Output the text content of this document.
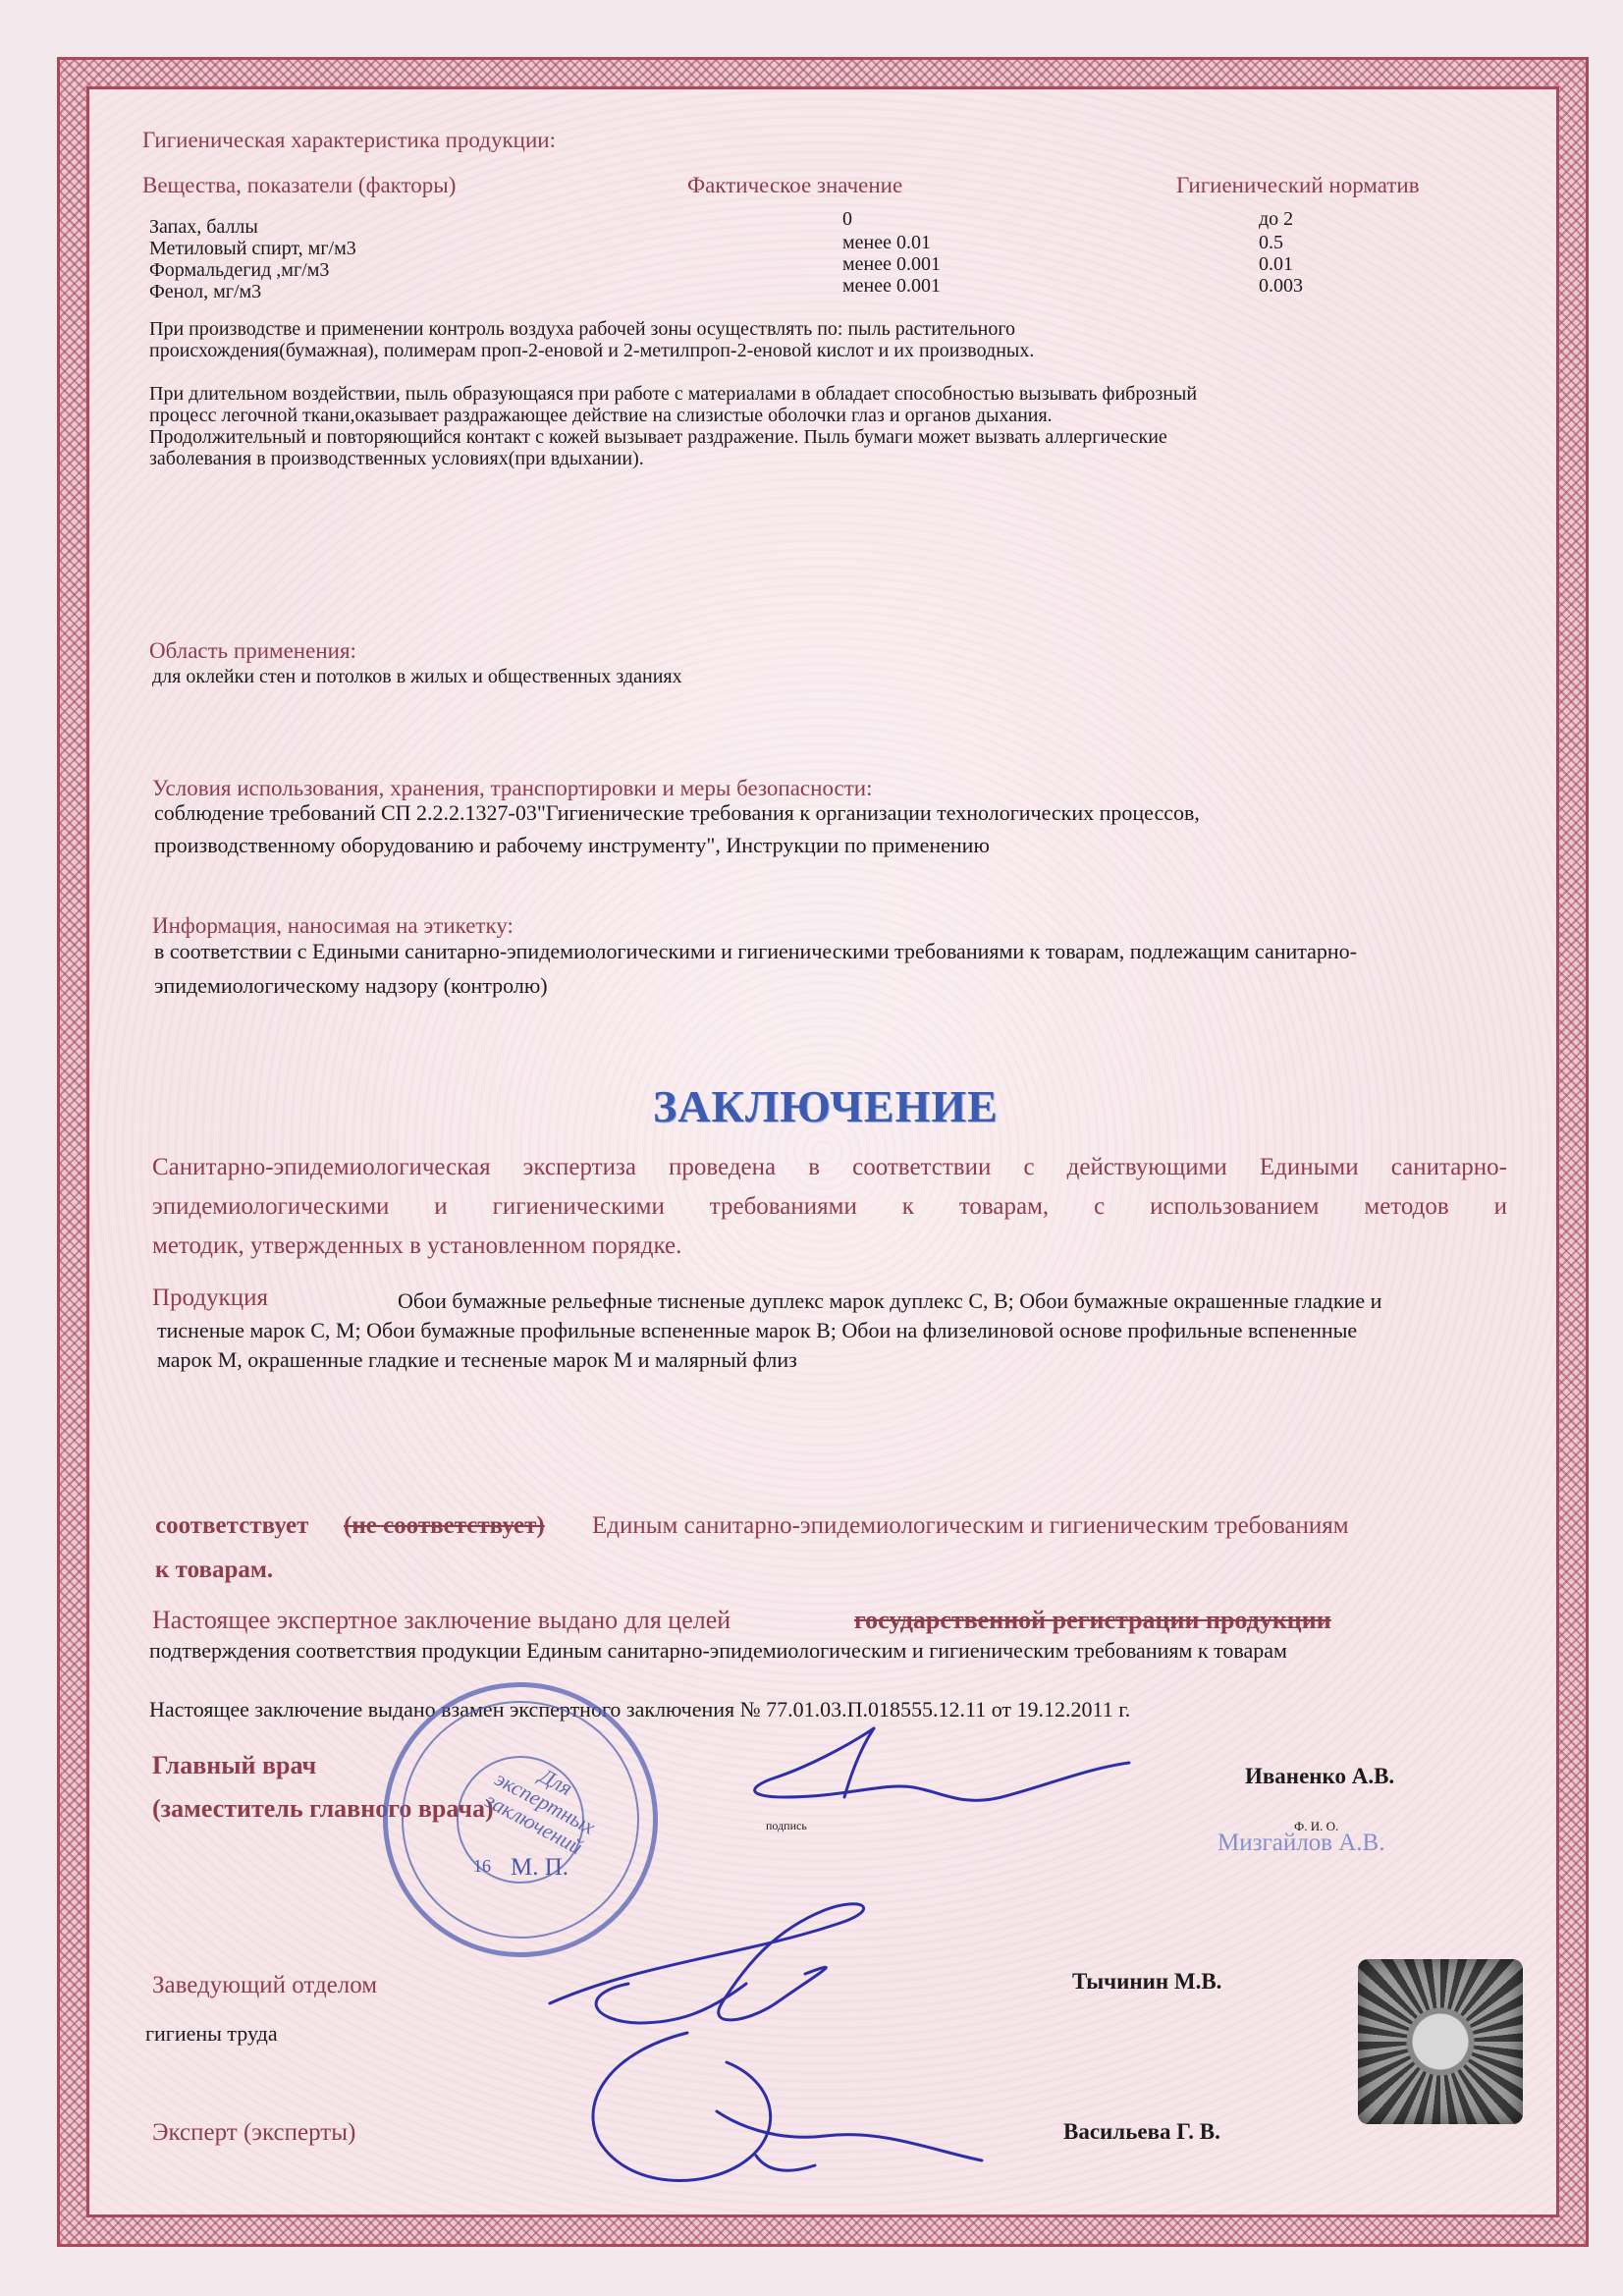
Гигиеническая характеристика продукции:
Вещества, показатели (факторы)	Фактическое значение	Гигиенический норматив
Запах, баллы	0	до 2
Метиловый спирт, мг/м3	менее 0.01	0.5
Формальдегид ,мг/м3	менее 0.001	0.01
Фенол, мг/м3	менее 0.001	0.003
При производстве и применении контроль воздуха рабочей зоны осуществлять по: пыль растительного
происхождения(бумажная), полимерам проп-2-еновой и 2-метилпроп-2-еновой кислот и их производных.
При длительном воздействии, пыль образующаяся при работе с материалами в обладает способностью вызывать фиброзный
процесс легочной ткани,оказывает раздражающее действие на слизистые оболочки глаз и органов дыхания.
Продолжительный и повторяющийся контакт с кожей вызывает раздражение. Пыль бумаги может вызвать аллергические
заболевания в производственных условиях(при вдыхании).
Область применения:
для оклейки стен и потолков в жилых и общественных зданиях
Условия использования, хранения, транспортировки и меры безопасности:
соблюдение требований СП 2.2.2.1327-03"Гигиенические требования к организации технологических процессов,
производственному оборудованию и рабочему инструменту", Инструкции по применению
Информация, наносимая на этикетку:
в соответствии с Едиными санитарно-эпидемиологическими и гигиеническими требованиями к товарам, подлежащим санитарно-
эпидемиологическому надзору (контролю)
ЗАКЛЮЧЕНИЕ
Санитарно-эпидемиологическая экспертиза проведена в соответствии с действующими Едиными санитарно-
эпидемиологическими и гигиеническими требованиями к товарам, с использованием методов и
методик, утвержденных в установленном порядке.
Продукция	Обои бумажные рельефные тисненые дуплекс марок дуплекс С, В; Обои бумажные окрашенные гладкие и
тисненые марок С, М; Обои бумажные профильные вспененные марок В; Обои на флизелиновой основе профильные вспененные
марок М, окрашенные гладкие и тесненые марок М и малярный флиз
соответствует (не соответствует) Единым санитарно-эпидемиологическим и гигиеническим требованиям
к товарам.
Настоящее экспертное заключение выдано для целей	государственной регистрации продукции
подтверждения соответствия продукции Единым санитарно-эпидемиологическим и гигиеническим требованиям к товарам
Настоящее заключение выдано взамен экспертного заключения № 77.01.03.П.018555.12.11 от 19.12.2011 г.
Главный врач
(заместитель главного врача)
подпись
Иваненко А.В.
Ф. И. О.
Мизгайлов А.В.
Заведующий отделом
гигиены труда
Тычинин М.В.
Эксперт (эксперты)	Васильева Г. В.
Для экспертных заключений
16 М. П.
